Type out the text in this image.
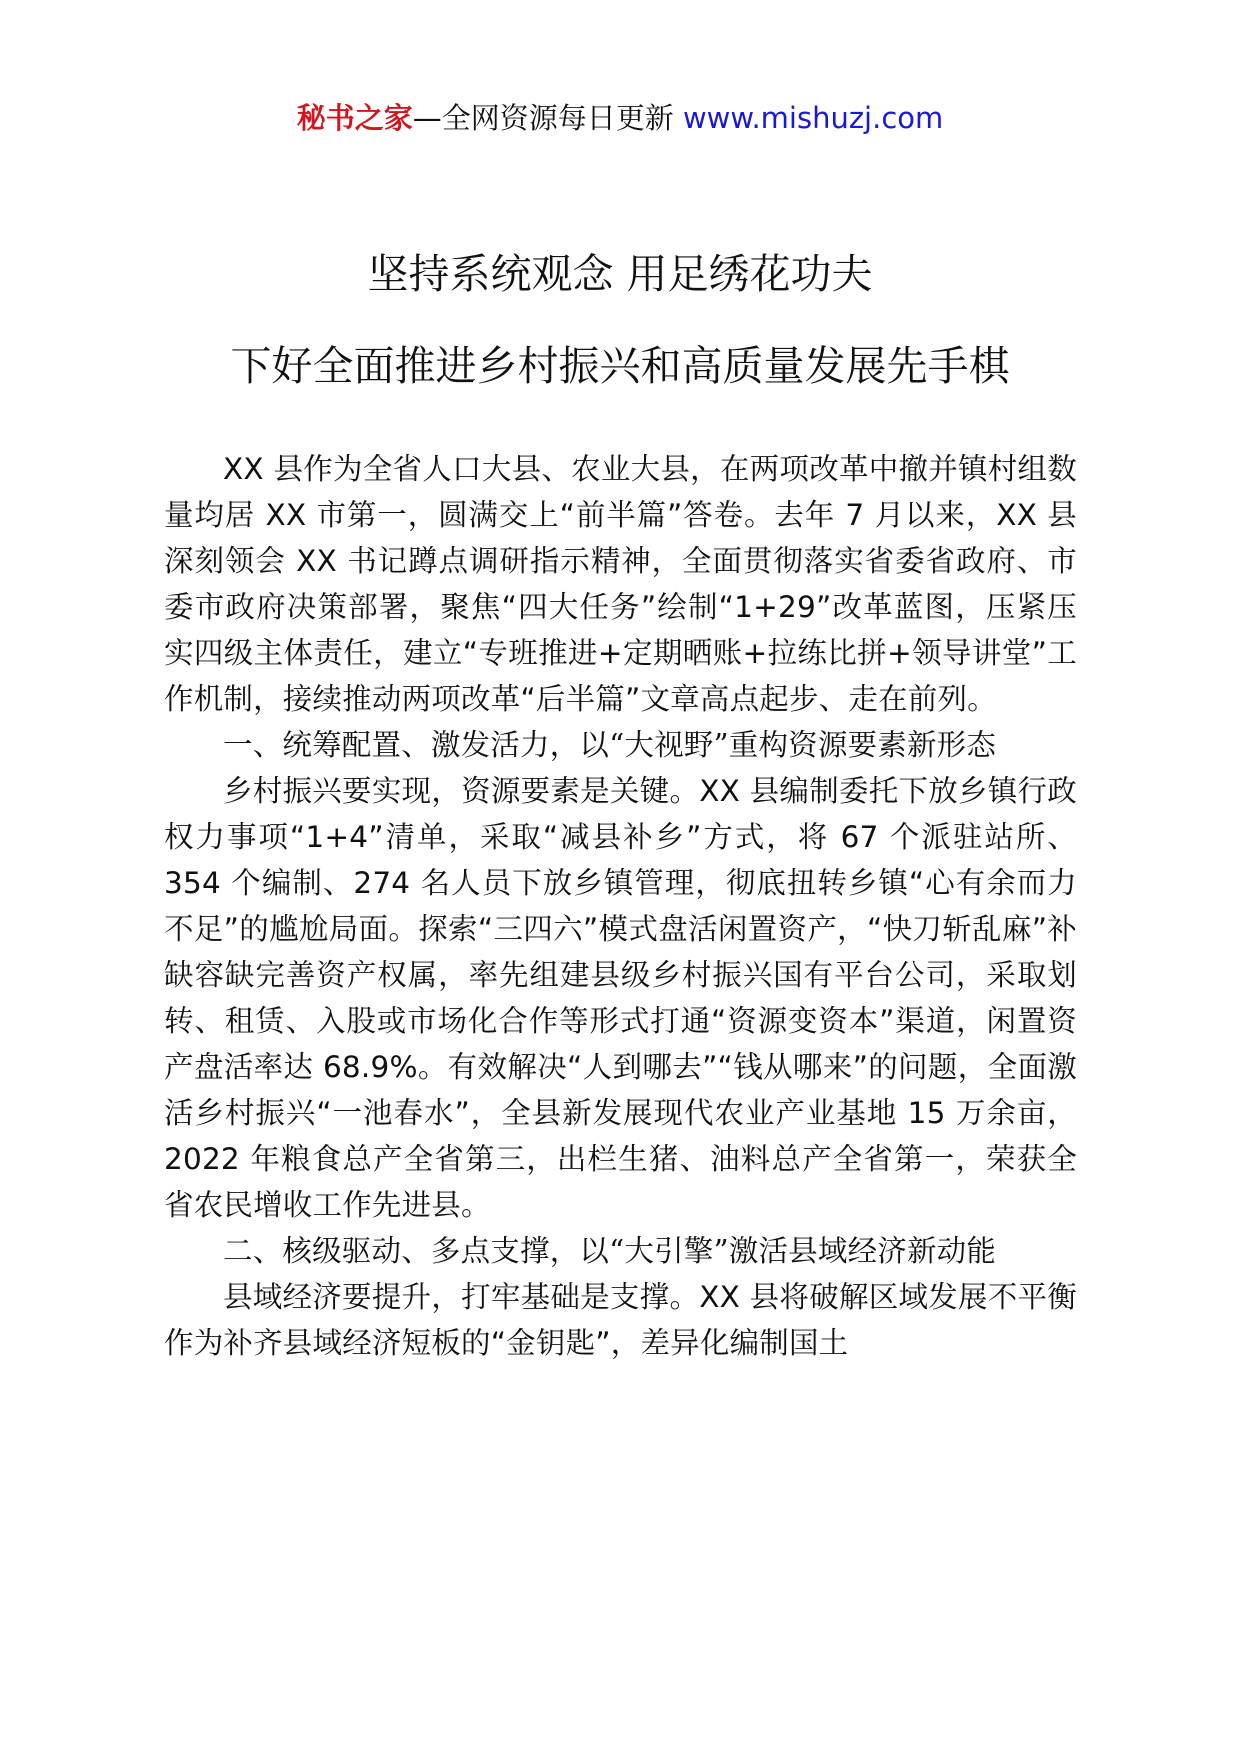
秘书之家—全网资源每日更新 www.mishuzj.com
坚持系统观念 用足绣花功夫
下好全面推进乡村振兴和高质量发展先手棋

XX 县作为全省人口大县、农业大县，在两项改革中撤并镇村组数量均居 XX 市第一，圆满交上“前半篇”答卷。去年 7 月以来，XX 县深刻领会 XX 书记蹲点调研指示精神，全面贯彻落实省委省政府、市委市政府决策部署，聚焦“四大任务”绘制“1+29”改革蓝图，压紧压实四级主体责任，建立“专班推进+定期晒账+拉练比拼+领导讲堂”工作机制，接续推动两项改革“后半篇”文章高点起步、走在前列。

一、统筹配置、激发活力，以“大视野”重构资源要素新形态

乡村振兴要实现，资源要素是关键。XX 县编制委托下放乡镇行政权力事项“1+4”清单，采取“减县补乡”方式，将 67 个派驻站所、354 个编制、274 名人员下放乡镇管理，彻底扭转乡镇“心有余而力不足”的尴尬局面。探索“三四六”模式盘活闲置资产，“快刀斩乱麻”补缺容缺完善资产权属，率先组建县级乡村振兴国有平台公司，采取划转、租赁、入股或市场化合作等形式打通“资源变资本”渠道，闲置资产盘活率达 68.9%。有效解决“人到哪去”“钱从哪来”的问题，全面激活乡村振兴“一池春水”，全县新发展现代农业产业基地 15 万余亩，2022 年粮食总产全省第三，出栏生猪、油料总产全省第一，荣获全省农民增收工作先进县。

二、核级驱动、多点支撑，以“大引擎”激活县域经济新动能

县域经济要提升，打牢基础是支撑。XX 县将破解区域发展不平衡作为补齐县域经济短板的“金钥匙”，差异化编制国土
